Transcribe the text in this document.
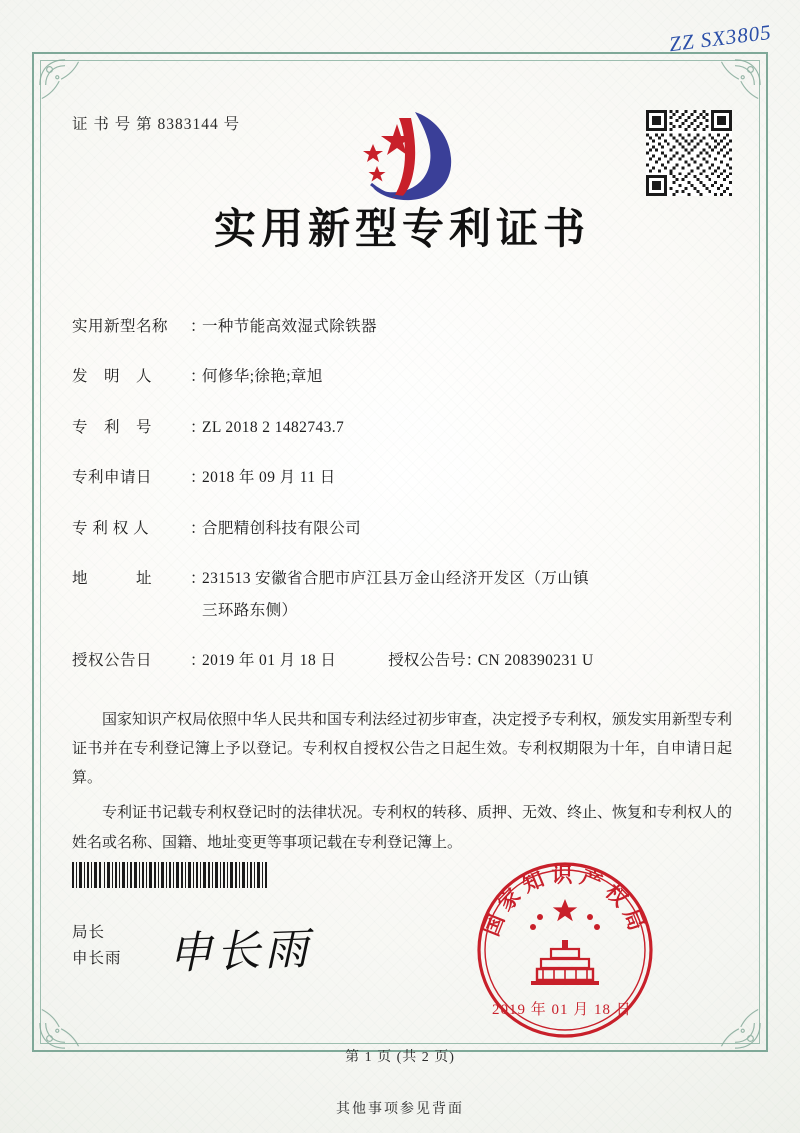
ZZ SX3805
证 书 号 第 8383144 号
实用新型专利证书
实用新型名称	：
一种节能高效湿式除铁器
发　明　人	：
何修华;徐艳;章旭
专　利　号	：
ZL 2018 2 1482743.7
专利申请日	：
2018 年 09 月 11 日
专 利 权 人	：
合肥精创科技有限公司
地　　　址	：
231513 安徽省合肥市庐江县万金山经济开发区（万山镇
三环路东侧）
授权公告日	：
2019 年 01 月 18 日	授权公告号 ：
CN 208390231 U

国家知识产权局依照中华人民共和国专利法经过初步审查，决定授予专利权，颁发实用新型专利证书并在专利登记簿上予以登记。专利权自授权公告之日起生效。专利权期限为十年，自申请日起算。

专利证书记载专利权登记时的法律状况。专利权的转移、质押、无效、终止、恢复和专利权人的姓名或名称、国籍、地址变更等事项记载在专利登记簿上。

局长
申长雨 申长雨
国家知识产权局
2019 年 01 月 18 日
第 1 页 (共 2 页)
其他事项参见背面
